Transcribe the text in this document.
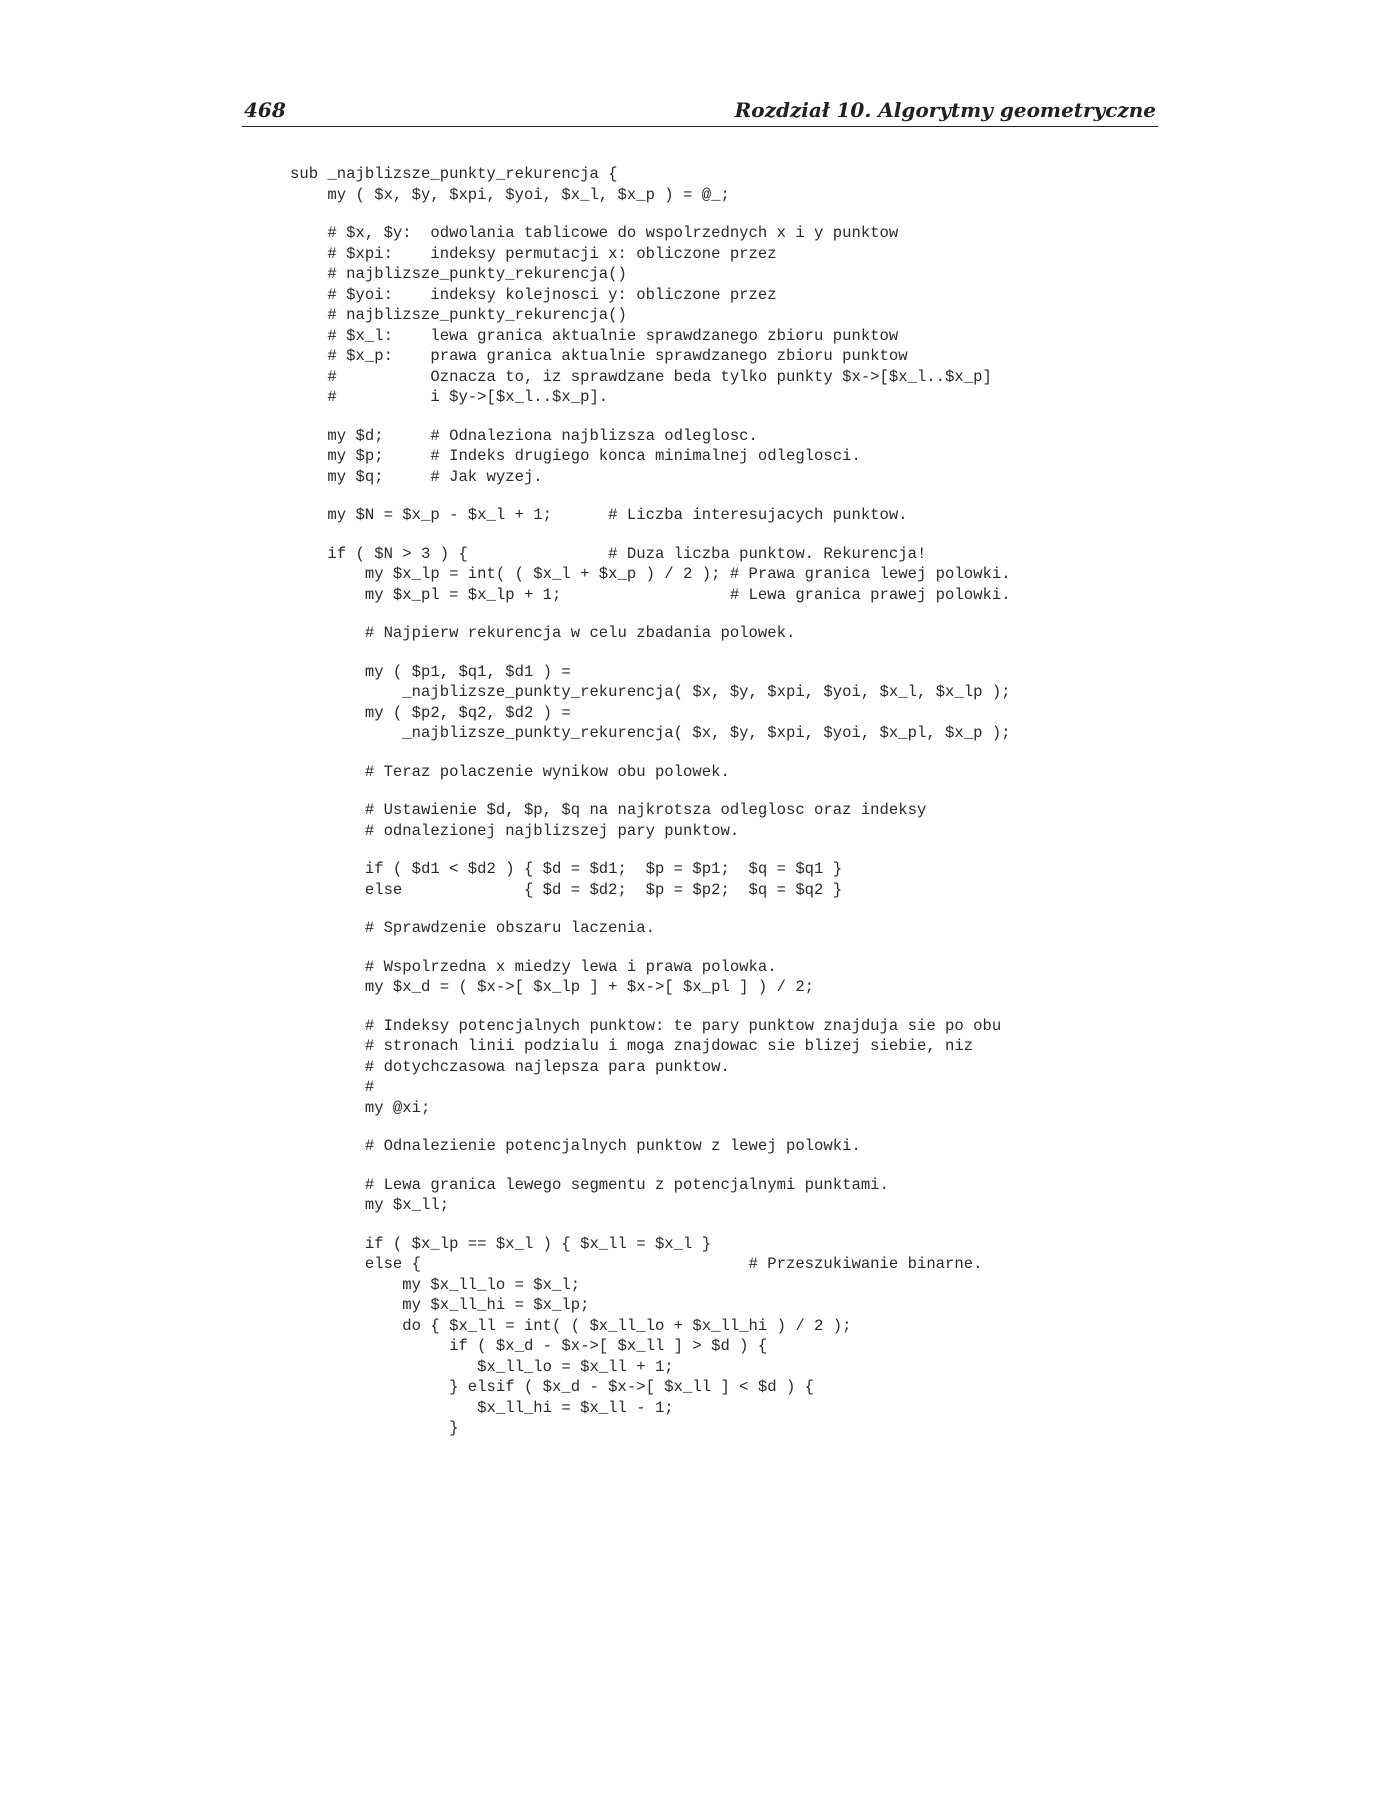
468	Rozdział 10. Algorytmy geometryczne
sub _najblizsze_punkty_rekurencja {
my ( $x, $y, $xpi, $yoi, $x_l, $x_p ) = @_;
# $x, $y:  odwolania tablicowe do wspolrzednych x i y punktow
# $xpi:    indeksy permutacji x: obliczone przez
# najblizsze_punkty_rekurencja()
# $yoi:    indeksy kolejnosci y: obliczone przez
# najblizsze_punkty_rekurencja()
# $x_l:    lewa granica aktualnie sprawdzanego zbioru punktow
# $x_p:    prawa granica aktualnie sprawdzanego zbioru punktow
#          Oznacza to, iz sprawdzane beda tylko punkty $x->[$x_l..$x_p]
#          i $y->[$x_l..$x_p].
my $d;     # Odnaleziona najblizsza odleglosc.
my $p;     # Indeks drugiego konca minimalnej odleglosci.
my $q;     # Jak wyzej.
my $N = $x_p - $x_l + 1;      # Liczba interesujacych punktow.
if ( $N > 3 ) {               # Duza liczba punktow. Rekurencja!
my $x_lp = int( ( $x_l + $x_p ) / 2 ); # Prawa granica lewej polowki.
my $x_pl = $x_lp + 1;                  # Lewa granica prawej polowki.
# Najpierw rekurencja w celu zbadania polowek.
my ( $p1, $q1, $d1 ) =
_najblizsze_punkty_rekurencja( $x, $y, $xpi, $yoi, $x_l, $x_lp );
my ( $p2, $q2, $d2 ) =
_najblizsze_punkty_rekurencja( $x, $y, $xpi, $yoi, $x_pl, $x_p );
# Teraz polaczenie wynikow obu polowek.
# Ustawienie $d, $p, $q na najkrotsza odleglosc oraz indeksy
# odnalezionej najblizszej pary punktow.
if ( $d1 < $d2 ) { $d = $d1;  $p = $p1;  $q = $q1 }
else             { $d = $d2;  $p = $p2;  $q = $q2 }
# Sprawdzenie obszaru laczenia.
# Wspolrzedna x miedzy lewa i prawa polowka.
my $x_d = ( $x->[ $x_lp ] + $x->[ $x_pl ] ) / 2;
# Indeksy potencjalnych punktow: te pary punktow znajduja sie po obu
# stronach linii podzialu i moga znajdowac sie blizej siebie, niz
# dotychczasowa najlepsza para punktow.
#
my @xi;
# Odnalezienie potencjalnych punktow z lewej polowki.
# Lewa granica lewego segmentu z potencjalnymi punktami.
my $x_ll;
if ( $x_lp == $x_l ) { $x_ll = $x_l }
else {                                   # Przeszukiwanie binarne.
my $x_ll_lo = $x_l;
my $x_ll_hi = $x_lp;
do { $x_ll = int( ( $x_ll_lo + $x_ll_hi ) / 2 );
if ( $x_d - $x->[ $x_ll ] > $d ) {
$x_ll_lo = $x_ll + 1;
} elsif ( $x_d - $x->[ $x_ll ] < $d ) {
$x_ll_hi = $x_ll - 1;
}
